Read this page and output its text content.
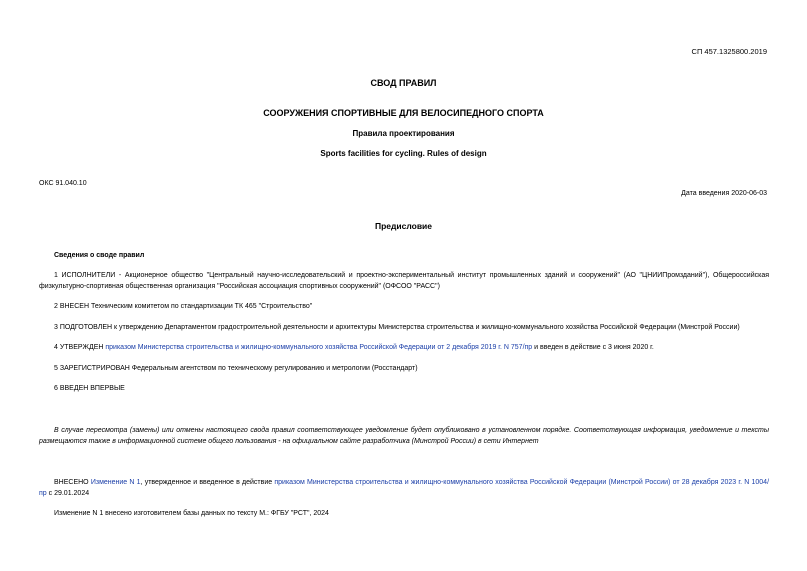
СП 457.1325800.2019
СВОД ПРАВИЛ
СООРУЖЕНИЯ СПОРТИВНЫЕ ДЛЯ ВЕЛОСИПЕДНОГО СПОРТА
Правила проектирования
Sports facilities for cycling. Rules of design
ОКС 91.040.10
Дата введения 2020-06-03
Предисловие
Сведения о своде правил
1 ИСПОЛНИТЕЛИ - Акционерное общество "Центральный научно-исследовательский и проектно-экспериментальный институт промышленных зданий и сооружений" (АО "ЦНИИПромзданий"), Общероссийская физкультурно-спортивная общественная организация "Российская ассоциация спортивных сооружений" (ОФСОО "РАСС")
2 ВНЕСЕН Техническим комитетом по стандартизации ТК 465 "Строительство"
3 ПОДГОТОВЛЕН к утверждению Департаментом градостроительной деятельности и архитектуры Министерства строительства и жилищно-коммунального хозяйства Российской Федерации (Минстрой России)
4 УТВЕРЖДЕН приказом Министерства строительства и жилищно-коммунального хозяйства Российской Федерации от 2 декабря 2019 г. N 757/пр и введен в действие с 3 июня 2020 г.
5 ЗАРЕГИСТРИРОВАН Федеральным агентством по техническому регулированию и метрологии (Росстандарт)
6 ВВЕДЕН ВПЕРВЫЕ
В случае пересмотра (замены) или отмены настоящего свода правил соответствующее уведомление будет опубликовано в установленном порядке. Соответствующая информация, уведомление и тексты размещаются также в информационной системе общего пользования - на официальном сайте разработчика (Минстрой России) в сети Интернет
ВНЕСЕНО Изменение N 1, утвержденное и введенное в действие приказом Министерства строительства и жилищно-коммунального хозяйства Российской Федерации (Минстрой России) от 28 декабря 2023 г. N 1004/пр с 29.01.2024
Изменение N 1 внесено изготовителем базы данных по тексту М.: ФГБУ "РСТ", 2024
